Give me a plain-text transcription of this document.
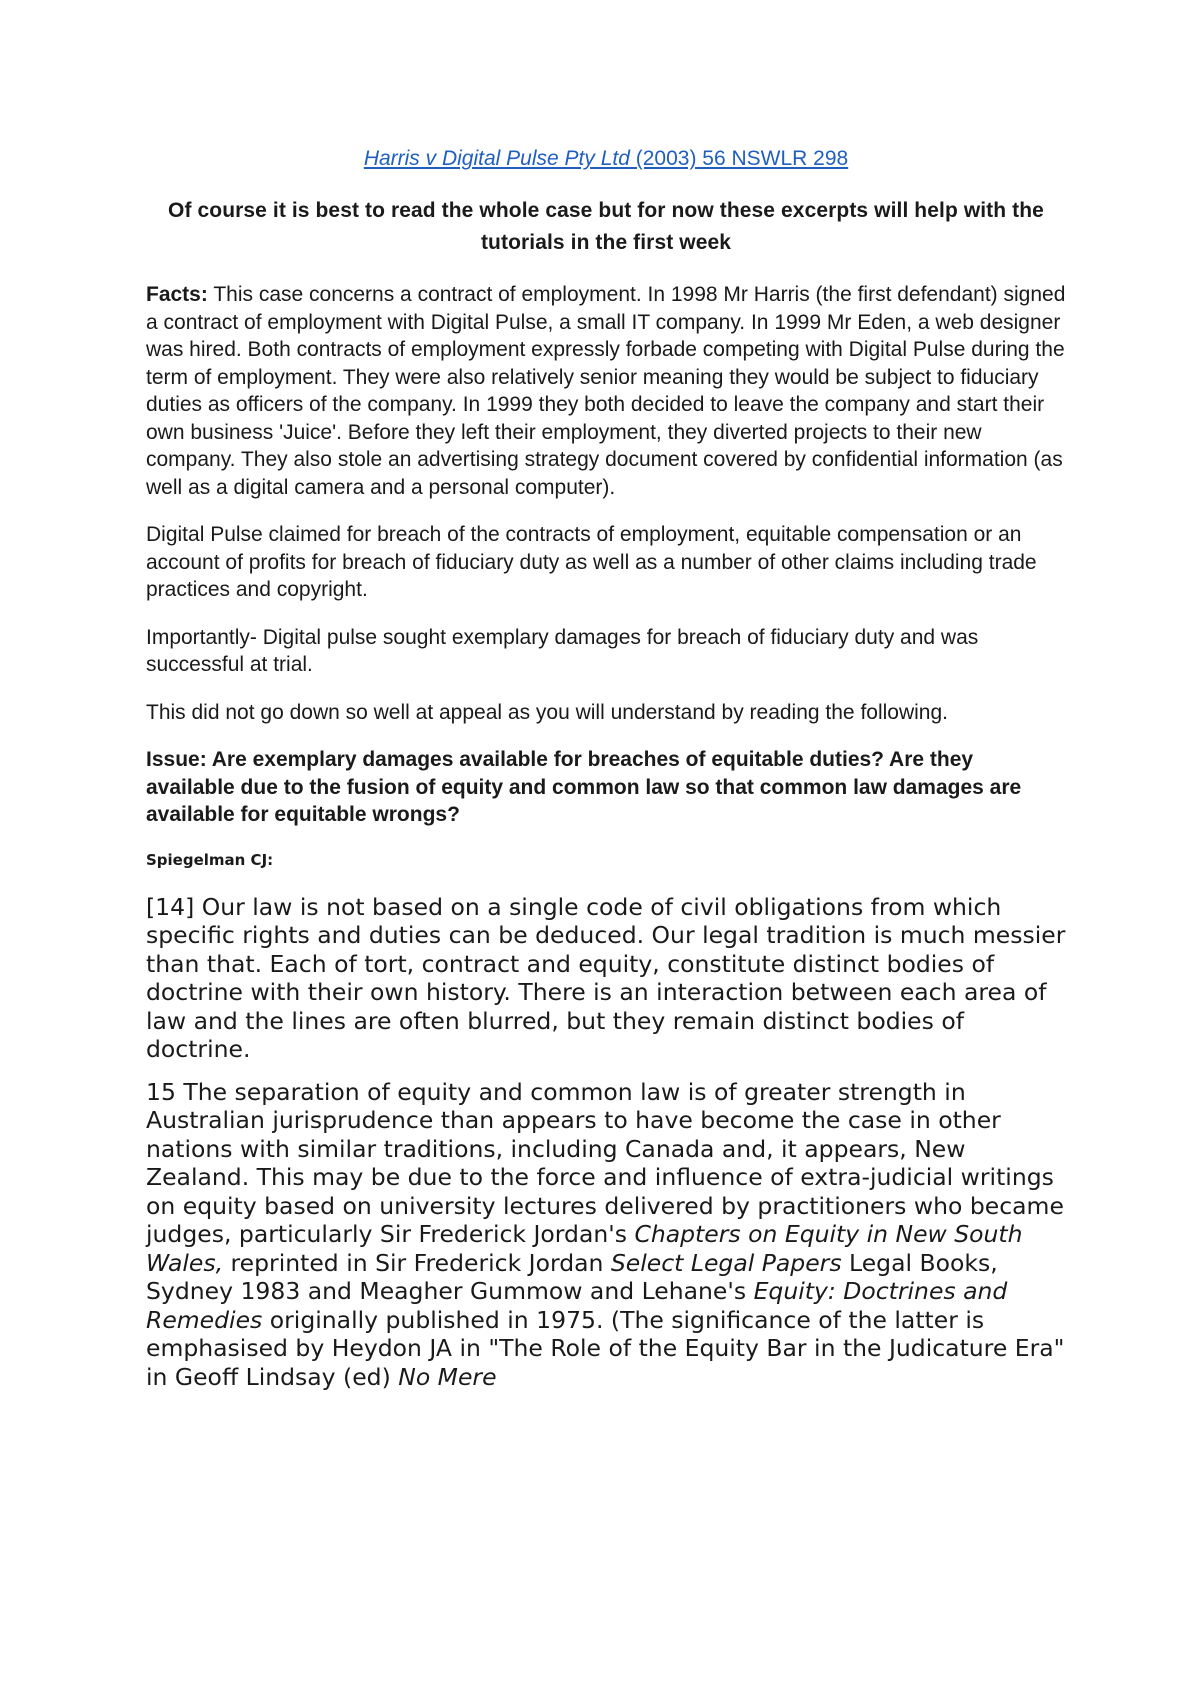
Harris v Digital Pulse Pty Ltd (2003) 56 NSWLR 298

Of course it is best to read the whole case but for now these excerpts will help with the tutorials in the first week

Facts: This case concerns a contract of employment. In 1998 Mr Harris (the first defendant) signed a contract of employment with Digital Pulse, a small IT company. In 1999 Mr Eden, a web designer was hired. Both contracts of employment expressly forbade competing with Digital Pulse during the term of employment. They were also relatively senior meaning they would be subject to fiduciary duties as officers of the company. In 1999 they both decided to leave the company and start their own business 'Juice'. Before they left their employment, they diverted projects to their new company. They also stole an advertising strategy document covered by confidential information (as well as a digital camera and a personal computer).

Digital Pulse claimed for breach of the contracts of employment, equitable compensation or an account of profits for breach of fiduciary duty as well as a number of other claims including trade practices and copyright.

Importantly- Digital pulse sought exemplary damages for breach of fiduciary duty and was successful at trial.

This did not go down so well at appeal as you will understand by reading the following.

Issue: Are exemplary damages available for breaches of equitable duties? Are they available due to the fusion of equity and common law so that common law damages are available for equitable wrongs?

Spiegelman CJ:

[14] Our law is not based on a single code of civil obligations from which specific rights and duties can be deduced. Our legal tradition is much messier than that. Each of tort, contract and equity, constitute distinct bodies of doctrine with their own history. There is an interaction between each area of law and the lines are often blurred, but they remain distinct bodies of doctrine.

15 The separation of equity and common law is of greater strength in Australian jurisprudence than appears to have become the case in other nations with similar traditions, including Canada and, it appears, New Zealand. This may be due to the force and influence of extra-judicial writings on equity based on university lectures delivered by practitioners who became judges, particularly Sir Frederick Jordan's Chapters on Equity in New South Wales, reprinted in Sir Frederick Jordan Select Legal Papers Legal Books, Sydney 1983 and Meagher Gummow and Lehane's Equity: Doctrines and Remedies originally published in 1975. (The significance of the latter is emphasised by Heydon JA in "The Role of the Equity Bar in the Judicature Era" in Geoff Lindsay (ed) No Mere
